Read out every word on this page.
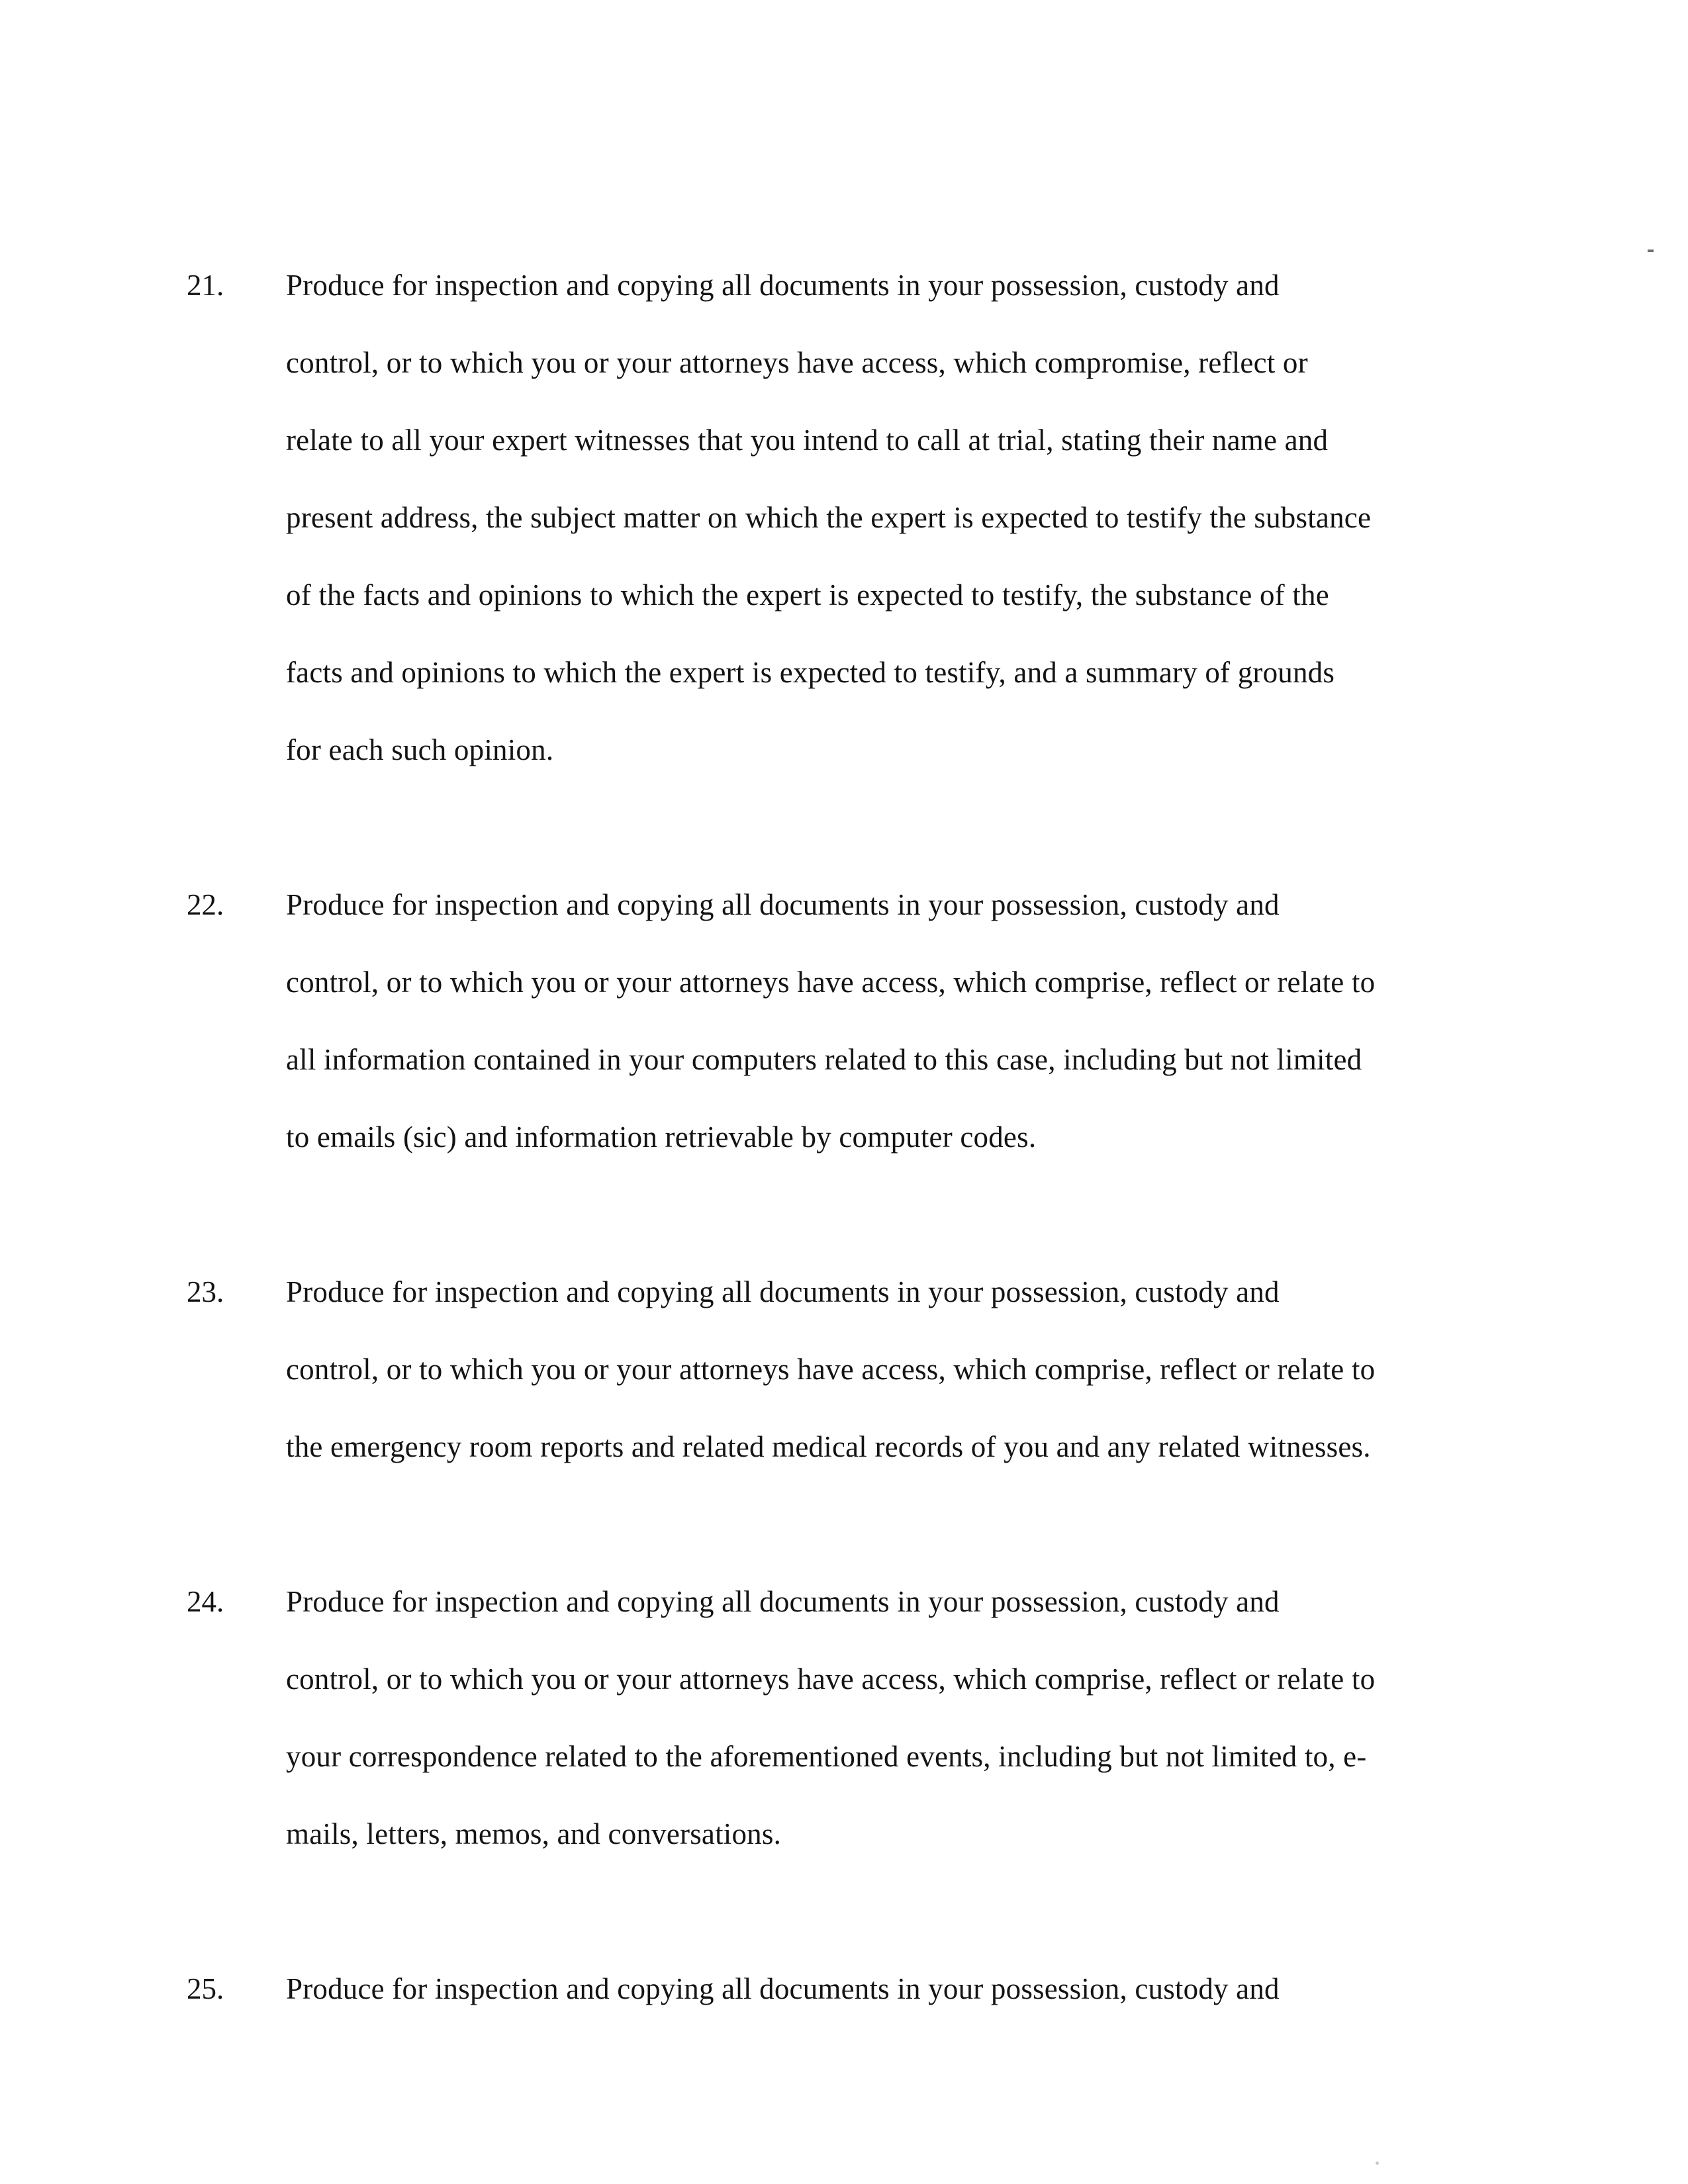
21.	Produce for inspection and copying all documents in your possession, custody and
control, or to which you or your attorneys have access, which compromise, reflect or
relate to all your expert witnesses that you intend to call at trial, stating their name and
present address, the subject matter on which the expert is expected to testify the substance
of the facts and opinions to which the expert is expected to testify, the substance of the
facts and opinions to which the expert is expected to testify, and a summary of grounds
for each such opinion.
22.	Produce for inspection and copying all documents in your possession, custody and
control, or to which you or your attorneys have access, which comprise, reflect or relate to
all information contained in your computers related to this case, including but not limited
to emails (sic) and information retrievable by computer codes.
23.	Produce for inspection and copying all documents in your possession, custody and
control, or to which you or your attorneys have access, which comprise, reflect or relate to
the emergency room reports and related medical records of you and any related witnesses.
24.	Produce for inspection and copying all documents in your possession, custody and
control, or to which you or your attorneys have access, which comprise, reflect or relate to
your correspondence related to the aforementioned events, including but not limited to, e-
mails, letters, memos, and conversations.
25.	Produce for inspection and copying all documents in your possession, custody and
